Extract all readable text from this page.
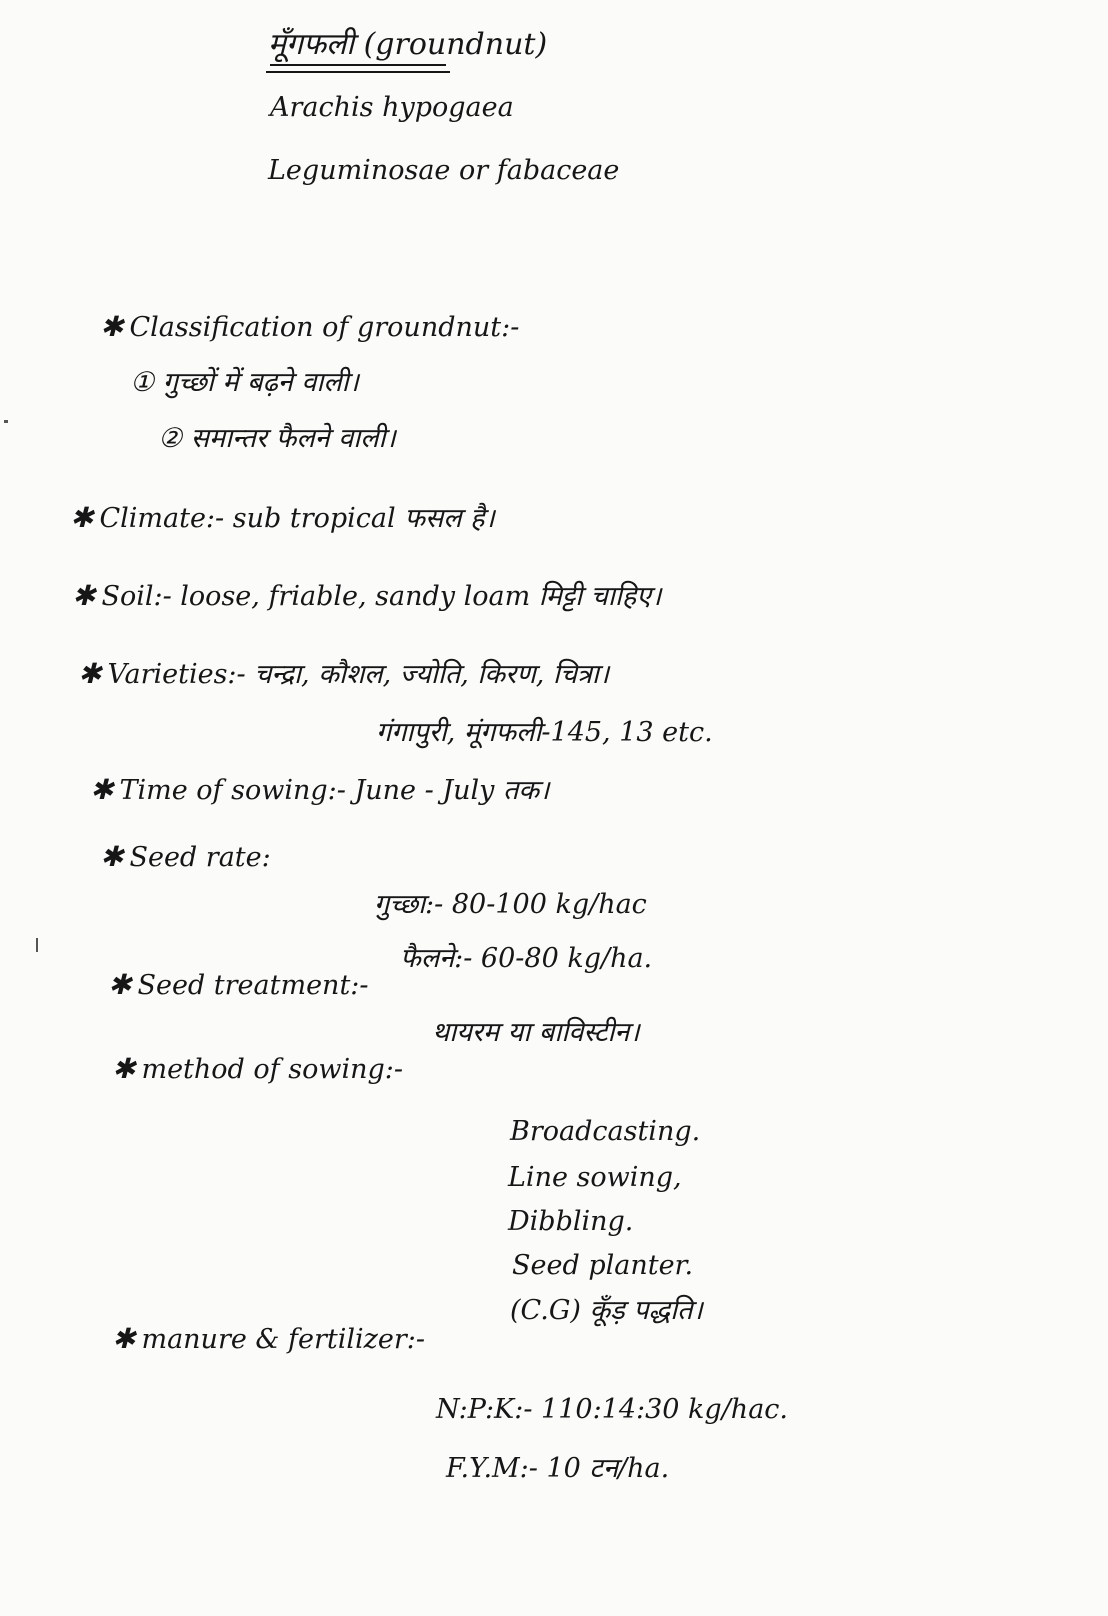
मूँगफली (groundnut)
Arachis hypogaea
Leguminosae or fabaceae
✱ Classification of groundnut:-
① गुच्छों में बढ़ने वाली।
② समान्तर फैलने वाली।
✱ Climate:- sub tropical फसल है।
✱ Soil:- loose, friable, sandy loam मिट्टी चाहिए।
✱ Varieties:- चन्द्रा, कौशल, ज्योति, किरण, चित्रा।
गंगापुरी, मूंगफली-145, 13 etc.
✱ Time of sowing:- June - July तक।
✱ Seed rate:
गुच्छा:- 80-100 kg/hac
फैलने:- 60-80 kg/ha.
✱ Seed treatment:-
थायरम या बाविस्टीन।
✱ method of sowing:-
Broadcasting.
Line sowing,
Dibbling.
Seed planter.
(C.G) कूँड़ पद्धति।
✱ manure & fertilizer:-
N:P:K:- 110:14:30 kg/hac.
F.Y.M:- 10 टन/ha.
